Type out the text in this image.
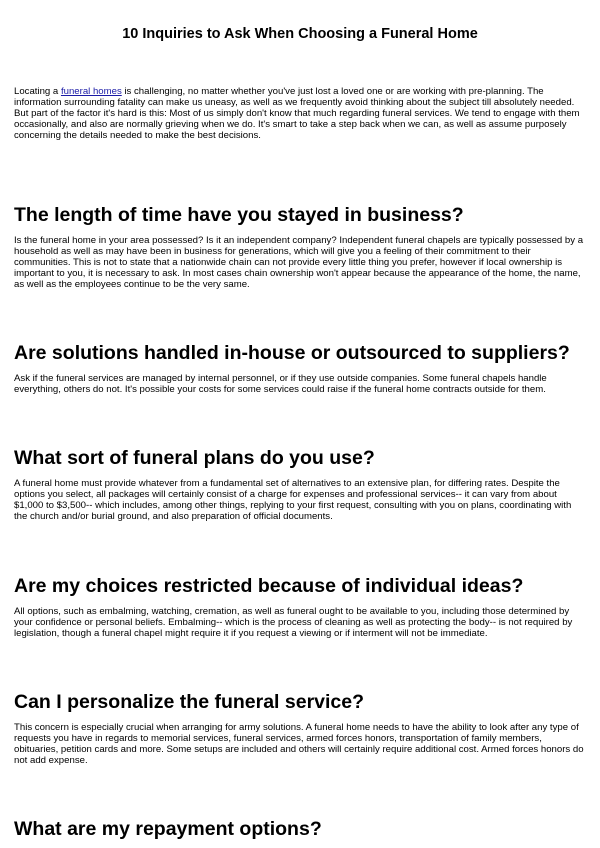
10 Inquiries to Ask When Choosing a Funeral Home

Locating a funeral homes is challenging, no matter whether you've just lost a loved one or are working with pre-planning. The information surrounding fatality can make us uneasy, as well as we frequently avoid thinking about the subject till absolutely needed. But part of the factor it's hard is this: Most of us simply don't know that much regarding funeral services. We tend to engage with them occasionally, and also are normally grieving when we do. It's smart to take a step back when we can, as well as assume purposely concerning the details needed to make the best decisions.

The length of time have you stayed in business?

Is the funeral home in your area possessed? Is it an independent company? Independent funeral chapels are typically possessed by a household as well as may have been in business for generations, which will give you a feeling of their commitment to their communities. This is not to state that a nationwide chain can not provide every little thing you prefer, however if local ownership is important to you, it is necessary to ask. In most cases chain ownership won't appear because the appearance of the home, the name, as well as the employees continue to be the very same.

Are solutions handled in-house or outsourced to suppliers?

Ask if the funeral services are managed by internal personnel, or if they use outside companies. Some funeral chapels handle everything, others do not. It's possible your costs for some services could raise if the funeral home contracts outside for them.

What sort of funeral plans do you use?

A funeral home must provide whatever from a fundamental set of alternatives to an extensive plan, for differing rates. Despite the options you select, all packages will certainly consist of a charge for expenses and professional services-- it can vary from about $1,000 to $3,500-- which includes, among other things, replying to your first request, consulting with you on plans, coordinating with the church and/or burial ground, and also preparation of official documents.

Are my choices restricted because of individual ideas?

All options, such as embalming, watching, cremation, as well as funeral ought to be available to you, including those determined by your confidence or personal beliefs. Embalming-- which is the process of cleaning as well as protecting the body-- is not required by legislation, though a funeral chapel might require it if you request a viewing or if interment will not be immediate.

Can I personalize the funeral service?

This concern is especially crucial when arranging for army solutions. A funeral home needs to have the ability to look after any type of requests you have in regards to memorial services, funeral services, armed forces honors, transportation of family members, obituaries, petition cards and more. Some setups are included and others will certainly require additional cost. Armed forces honors do not add expense.

What are my repayment options?
